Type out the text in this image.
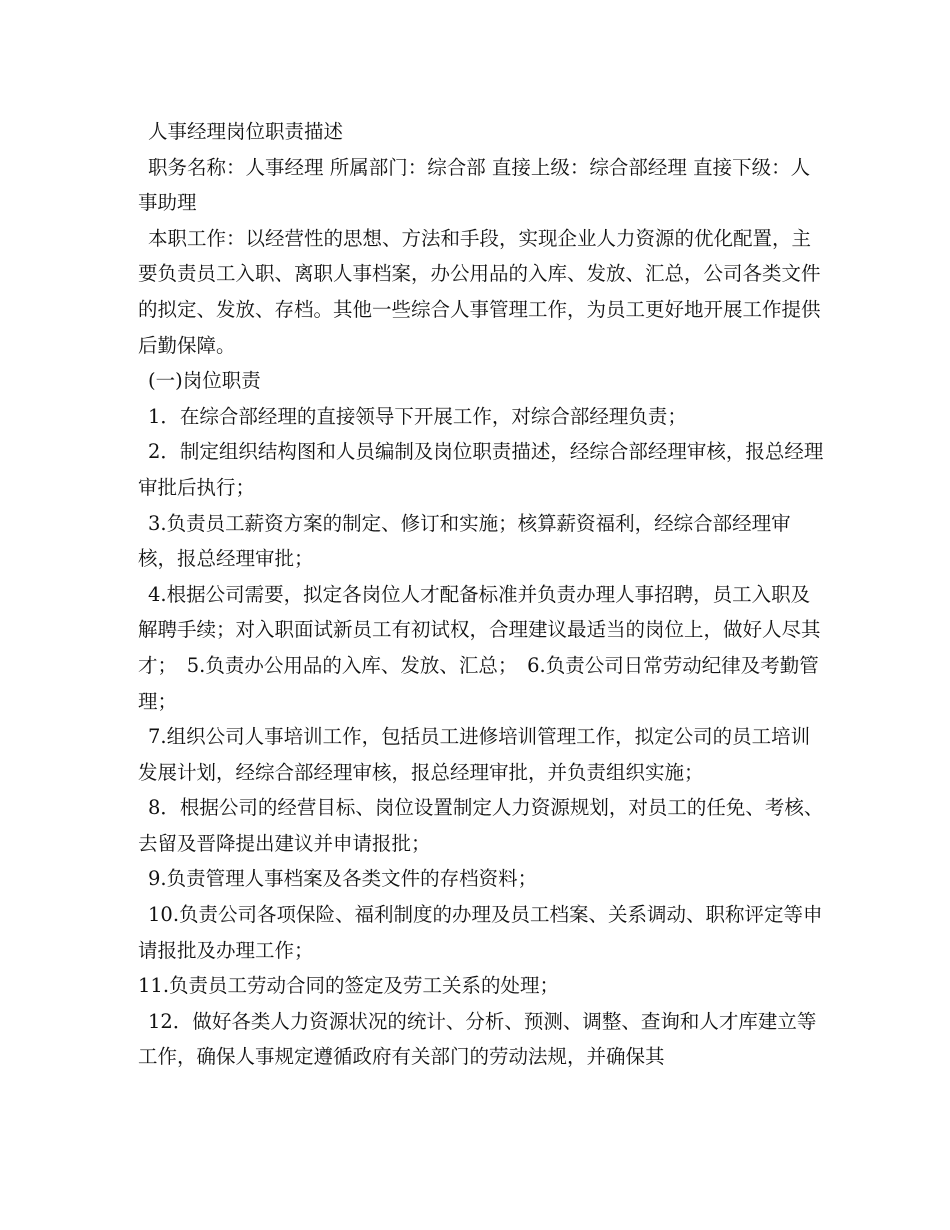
人事经理岗位职责描述

职务名称：人事经理 所属部门：综合部 直接上级：综合部经理 直接下级：人事助理

本职工作：以经营性的思想、方法和手段，实现企业人力资源的优化配置，主要负责员工入职、离职人事档案，办公用品的入库、发放、汇总，公司各类文件的拟定、发放、存档。其他一些综合人事管理工作，为员工更好地开展工作提供后勤保障。

(一)岗位职责

1．在综合部经理的直接领导下开展工作，对综合部经理负责；

2．制定组织结构图和人员编制及岗位职责描述，经综合部经理审核，报总经理审批后执行；

3.负责员工薪资方案的制定、修订和实施；核算薪资福利，经综合部经理审核，报总经理审批；

4.根据公司需要，拟定各岗位人才配备标准并负责办理人事招聘，员工入职及解聘手续；对入职面试新员工有初试权，合理建议最适当的岗位上，做好人尽其才；　5.负责办公用品的入库、发放、汇总；　6.负责公司日常劳动纪律及考勤管理；

7.组织公司人事培训工作，包括员工进修培训管理工作，拟定公司的员工培训发展计划，经综合部经理审核，报总经理审批，并负责组织实施；

8．根据公司的经营目标、岗位设置制定人力资源规划，对员工的任免、考核、去留及晋降提出建议并申请报批；

9.负责管理人事档案及各类文件的存档资料；

10.负责公司各项保险、福利制度的办理及员工档案、关系调动、职称评定等申请报批及办理工作；

11.负责员工劳动合同的签定及劳工关系的处理；

12．做好各类人力资源状况的统计、分析、预测、调整、查询和人才库建立等工作，确保人事规定遵循政府有关部门的劳动法规，并确保其
